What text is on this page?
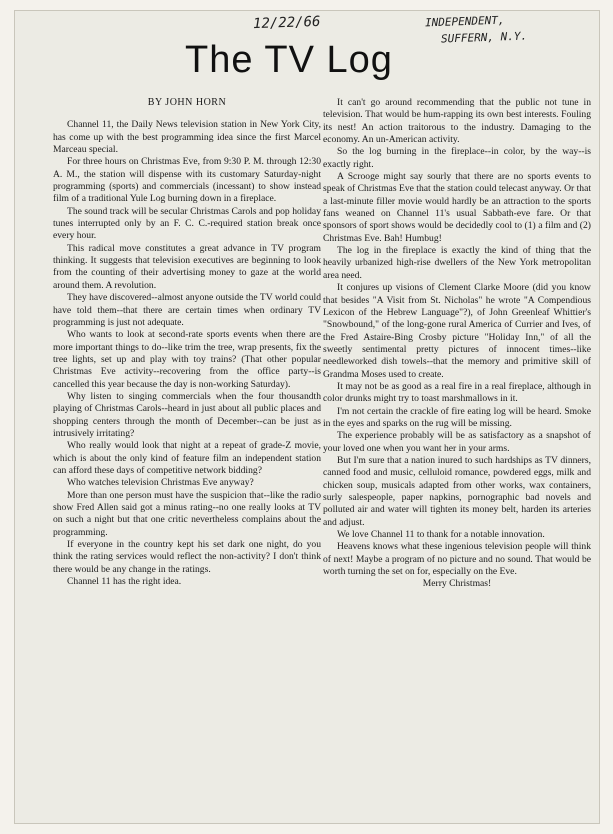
12/22/66	INDEPENDENT,
SUFFERN, N.Y.
The TV Log

BY JOHN HORN

Channel 11, the Daily News television station in New York City, has come up with the best programming idea since the first Marcel Marceau special.

For three hours on Christmas Eve, from 9:30 P. M. through 12:30 A. M., the station will dispense with its customary Saturday-night programming (sports) and commercials (incessant) to show instead film of a traditional Yule Log burning down in a fireplace.

The sound track will be secular Christmas Carols and pop holiday tunes interrupted only by an F. C. C.-required station break once every hour.

This radical move constitutes a great advance in TV program thinking. It suggests that television executives are beginning to look from the counting of their advertising money to gaze at the world around them. A revolution.

They have discovered--almost anyone outside the TV world could have told them--that there are certain times when ordinary TV programming is just not adequate.

Who wants to look at second-rate sports events when there are more important things to do--like trim the tree, wrap presents, fix the tree lights, set up and play with toy trains? (That other popular Christmas Eve activity--recovering from the office party--is cancelled this year because the day is non-working Saturday).

Why listen to singing commercials when the four thousandth playing of Christmas Carols--heard in just about all public places and shopping centers through the month of December--can be just as intrusively irritating?

Who really would look that night at a repeat of grade-Z movie, which is about the only kind of feature film an independent station can afford these days of competitive network bidding?

Who watches television Christmas Eve anyway?

More than one person must have the suspicion that--like the radio show Fred Allen said got a minus rating--no one really looks at TV on such a night but that one critic nevertheless complains about the programming.

If everyone in the country kept his set dark one night, do you think the rating services would reflect the non-activity? I don't think there would be any change in the ratings.

Channel 11 has the right idea.

It can't go around recommending that the public not tune in television. That would be hum-rapping its own best interests. Fouling its nest! An action traitorous to the industry. Damaging to the economy. An un-American activity.

So the log burning in the fireplace--in color, by the way--is exactly right.

A Scrooge might say sourly that there are no sports events to speak of Christmas Eve that the station could telecast anyway. Or that a last-minute filler movie would hardly be an attraction to the sports fans weaned on Channel 11's usual Sabbath-eve fare. Or that sponsors of sport shows would be decidedly cool to (1) a film and (2) Christmas Eve. Bah! Humbug!

The log in the fireplace is exactly the kind of thing that the heavily urbanized high-rise dwellers of the New York metropolitan area need.

It conjures up visions of Clement Clarke Moore (did you know that besides "A Visit from St. Nicholas" he wrote "A Compendious Lexicon of the Hebrew Language"?), of John Greenleaf Whittier's "Snowbound," of the long-gone rural America of Currier and Ives, of the Fred Astaire-Bing Crosby picture "Holiday Inn," of all the sweetly sentimental pretty pictures of innocent times--like needleworked dish towels--that the memory and primitive skill of Grandma Moses used to create.

It may not be as good as a real fire in a real fireplace, although in color drunks might try to toast marshmallows in it.

I'm not certain the crackle of fire eating log will be heard. Smoke in the eyes and sparks on the rug will be missing.

The experience probably will be as satisfactory as a snapshot of your loved one when you want her in your arms.

But I'm sure that a nation inured to such hardships as TV dinners, canned food and music, celluloid romance, powdered eggs, milk and chicken soup, musicals adapted from other works, wax containers, surly salespeople, paper napkins, pornographic bad novels and polluted air and water will tighten its money belt, harden its arteries and adjust.

We love Channel 11 to thank for a notable innovation.

Heavens knows what these ingenious television people will think of next! Maybe a program of no picture and no sound. That would be worth turning the set on for, especially on the Eve.

Merry Christmas!
